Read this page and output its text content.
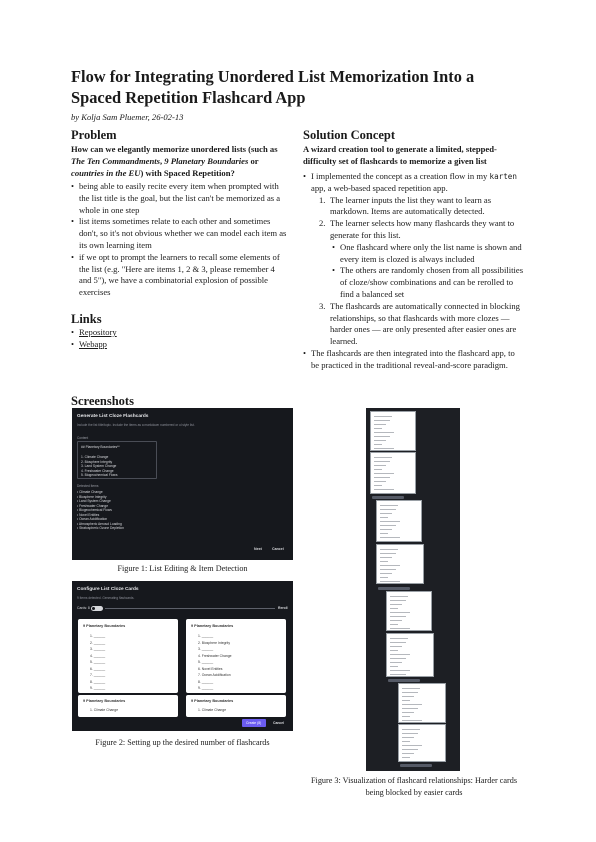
Flow for Integrating Unordered List Memorization Into a Spaced Repetition Flashcard App
by Kolja Sam Pluemer, 26-02-13
Problem
How can we elegantly memorize unordered lists (such as The Ten Commandments, 9 Planetary Boundaries or countries in the EU) with Spaced Repetition?
• being able to easily recite every item when prompted with the list title is the goal, but the list can't be memorized as a whole in one step
• list items sometimes relate to each other and sometimes don't, so it's not obvious whether we can model each item as its own learning item
• if we opt to prompt the learners to recall some elements of the list (e.g. "Here are items 1, 2 & 3, please remember 4 and 5"), we have a combinatorial explosion of possible exercises
Links
• Repository
• Webapp
Solution Concept
A wizard creation tool to generate a limited, stepped-difficulty set of flashcards to memorize a given list
• I implemented the concept as a creation flow in my karten app, a web-based spaced repetition app.
1. The learner inputs the list they want to learn as markdown. Items are automatically detected.
2. The learner selects how many flashcards they want to generate for this list.
• One flashcard where only the list name is shown and every item is clozed is always included
• The others are randomly chosen from all possibilities of cloze/show combinations and can be rerolled to find a balanced set
3. The flashcards are automatically connected in blocking relationships, so that flashcards with more clozes — harder ones — are only presented after easier ones are learned.
• The flashcards are then integrated into the flashcard app, to be practiced in the traditional reveal-and-score paradigm.
Screenshots
Generate List Cloze Flashcards
Include the list title/topic. Include the items as a markdown numbered or ul style list.
Content
## Planetary Boundaries**
1. Climate Change
2. Biosphere Integrity
3. Land System Change
4. Freshwater Change
5. Biogeochemical Flows
Detected Items
• Climate Change
• Biosphere Integrity
• Land System Change
• Freshwater Change
• Biogeochemical Flows
• Novel Entities
• Ocean Acidification
• Atmospheric Aerosol Loading
• Stratospheric Ozone Depletion
Next	Cancel
Figure 1: List Editing & Item Detection
Configure List Cloze Cards
9 Items detected. Generating flashcards.
Cards: 8	Reroll
9 Planetary Boundaries
1. ______
2. ______
3. ______
4. ______
5. ______
6. ______
7. ______
8. ______
9. ______
9 Planetary Boundaries
1. ______
2. Biosphere Integrity
3. ______
4. Freshwater Change
5. ______
6. Novel Entities
7. Ocean Acidification
8. ______
9. ______
9 Planetary Boundaries
1. Climate Change
9 Planetary Boundaries
1. Climate Change
Create (8)	Cancel
Figure 2: Setting up the desired number of flashcards
Figure 3: Visualization of flashcard relationships: Harder cards being blocked by easier cards
